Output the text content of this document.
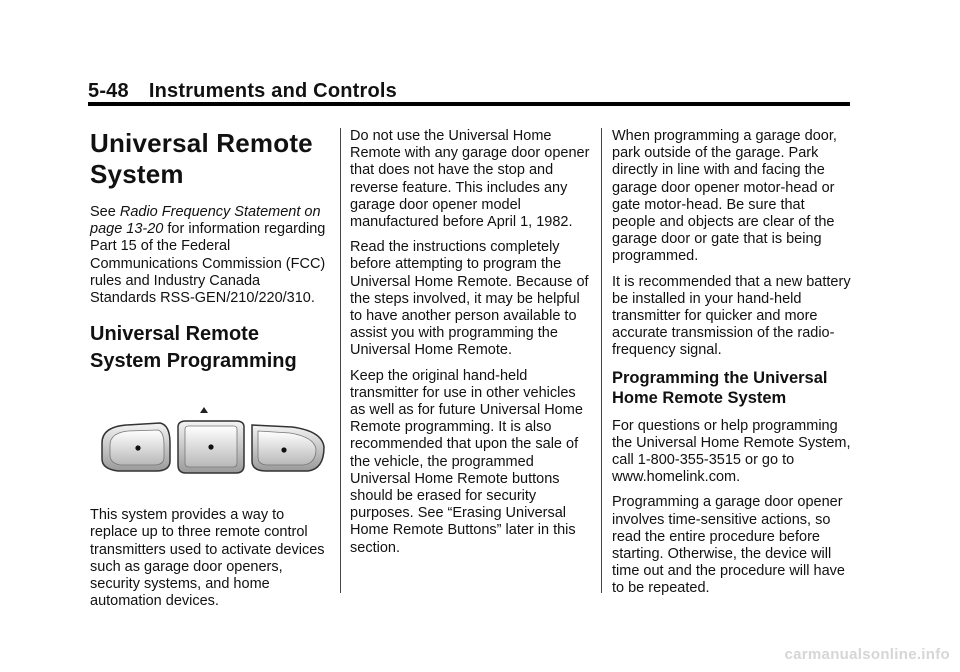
5-48 Instruments and Controls
Universal Remote System

See Radio Frequency Statement on page 13-20 for information regarding Part 15 of the Federal Communications Commission (FCC) rules and Industry Canada Standards RSS-GEN/210/220/310.

Universal Remote System Programming

This system provides a way to replace up to three remote control transmitters used to activate devices such as garage door openers, security systems, and home automation devices.

Do not use the Universal Home Remote with any garage door opener that does not have the stop and reverse feature. This includes any garage door opener model manufactured before April 1, 1982.

Read the instructions completely before attempting to program the Universal Home Remote. Because of the steps involved, it may be helpful to have another person available to assist you with programming the Universal Home Remote.

Keep the original hand-held transmitter for use in other vehicles as well as for future Universal Home Remote programming. It is also recommended that upon the sale of the vehicle, the programmed Universal Home Remote buttons should be erased for security purposes. See “Erasing Universal Home Remote Buttons” later in this section.

When programming a garage door, park outside of the garage. Park directly in line with and facing the garage door opener motor-head or gate motor-head. Be sure that people and objects are clear of the garage door or gate that is being programmed.

It is recommended that a new battery be installed in your hand-held transmitter for quicker and more accurate transmission of the radio-frequency signal.

Programming the Universal Home Remote System

For questions or help programming the Universal Home Remote System, call 1-800-355-3515 or go to www.homelink.com.

Programming a garage door opener involves time-sensitive actions, so read the entire procedure before starting. Otherwise, the device will time out and the procedure will have to be repeated.

carmanualsonline.info
